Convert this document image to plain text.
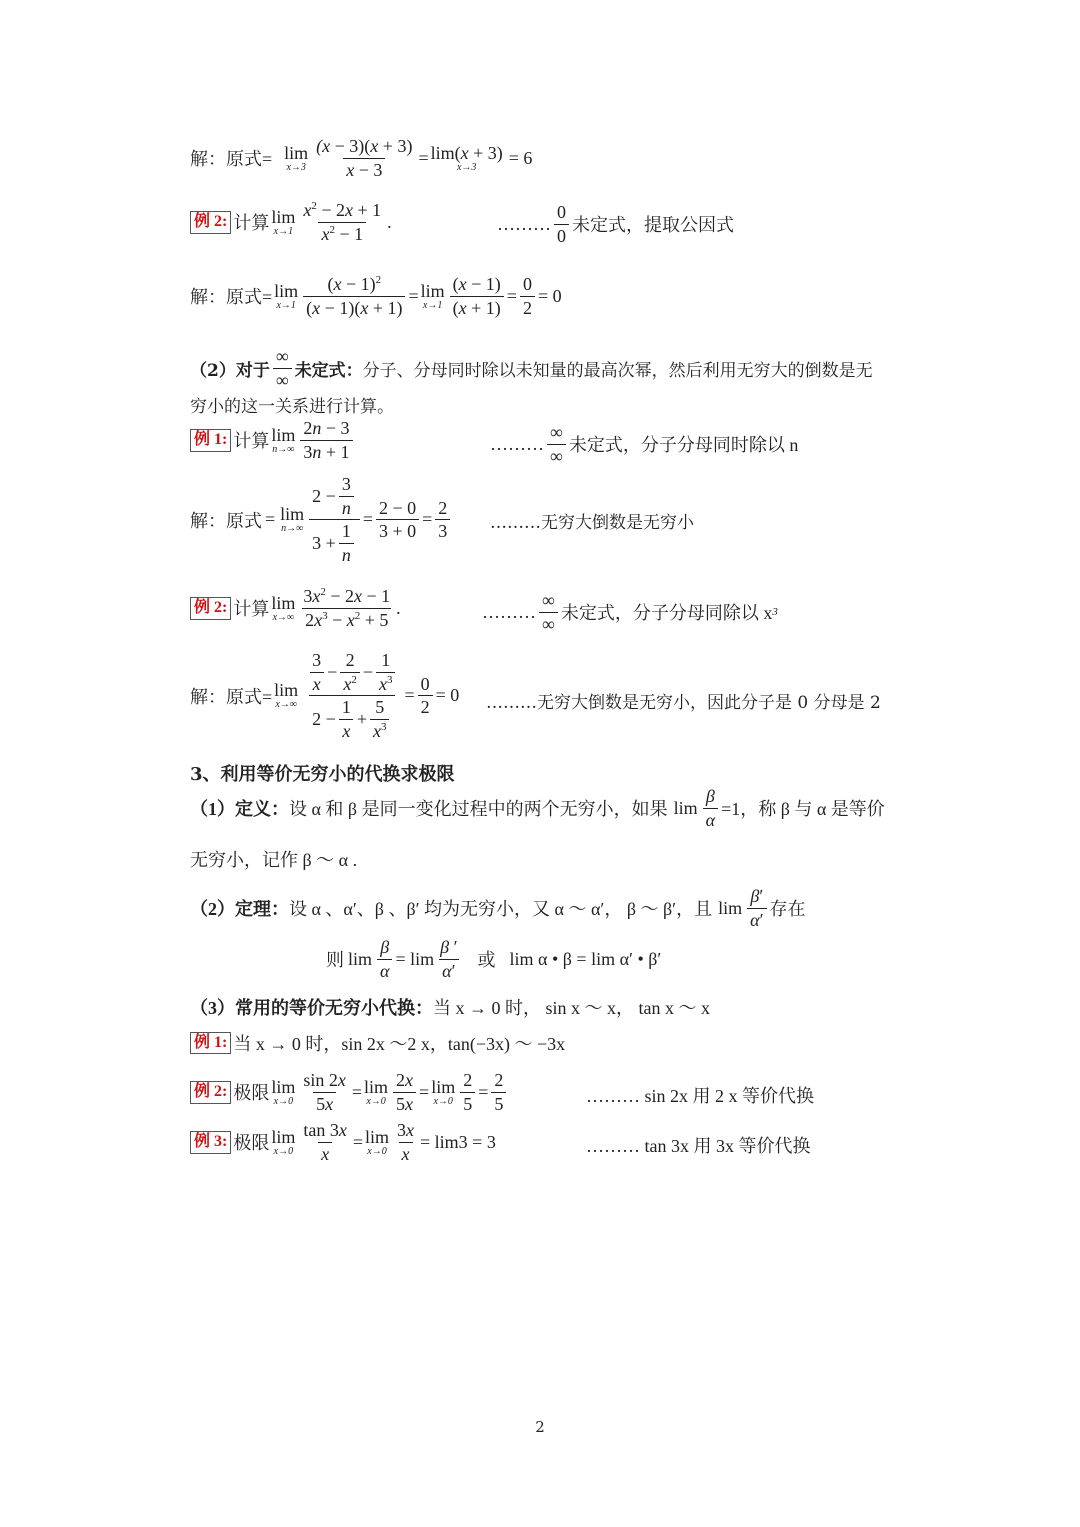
解：原式= lim
$x\to 3 \frac{(x - 3)(x + 3)}{x - 3} = \lim(x + 3)$
x→3 = 6
例 2: 计算 lim
$x\to 1 \frac{x^2 - 2x + 1}{x^2 - 1}$ .	……… $\frac{0}{0}$ 未定式，提取公因式
解：原式= lim
$x\to 1 \frac{(x - 1)^2}{(x - 1)(x + 1)} = \lim$
$x\to 1 \frac{(x - 1)}{(x + 1)} = \frac{0}{2} = 0$
（2）对于 $\frac{\infty}{\infty}$ 未定式： 分子、分母同时除以未知量的最高次幂，然后利用无穷大的倒数是无
穷小的这一关系进行计算。
例 1: 计算 lim
$n\to\infty \frac{2n - 3}{3n + 1}$	……… $\frac{\infty}{\infty}$ 未定式，分子分母同时除以 n
解：原式 = lim
$n\to\infty \frac{2 - \frac{3}{n}}{3 + \frac{1}{n}} = \frac{2 - 0}{3 + 0} = \frac{2}{3}$ ………无穷大倒数是无穷小
例 2: 计算 lim
$x\to\infty \frac{3x^2 - 2x - 1}{2x^3 - x^2 + 5}$ .	……… $\frac{\infty}{\infty}$ 未定式，分子分母同除以 x 3
解：原式= lim
$x\to\infty \frac{\frac{3}{x} - \frac{2}{x^2} - \frac{1}{x^3}}{2 - \frac{1}{x} + \frac{5}{x^3}} = \frac{0}{2} = 0$ ………无穷大倒数是无穷小，因此分子是 0 分母是 2
3、利用等价无穷小的代换求极限
（1）定义： 设 α 和 β 是同一变化过程中的两个无穷小，如果 $\lim \frac{\beta}{\alpha} =1$，称 β 与 α 是等价
无穷小，记作 β ～ α .
（2）定理： 设 α 、α′、β 、β′ 均为无穷小，又 α ～ α′， β ～ β′，且 $\lim \frac{\beta'}{\alpha'}$ 存在
则 $\lim \frac{\beta}{\alpha} = \lim \frac{\beta '}{\alpha'}$ 或 lim α • β = lim α′ • β′
（3）常用的等价无穷小代换： 当 x → 0 时， sin x ～ x， tan x ～ x
例 1: 当 x → 0 时，sin 2x ～2 x，tan(−3x) ～ −3x
例 2: 极限 lim
$x\to 0 \frac{\sin 2x}{5x} = \lim$
$x\to 0 \frac{2x}{5x} = \lim$
$x\to 0 \frac{2}{5} = \frac{2}{5}$	……… sin 2x 用 2 x 等价代换
例 3: 极限 lim
$x\to 0 \frac{\tan 3x}{x} = \lim$
$x\to 0 \frac{3x}{x} = \lim 3 = 3$	……… tan 3x 用 3x 等价代换
2
